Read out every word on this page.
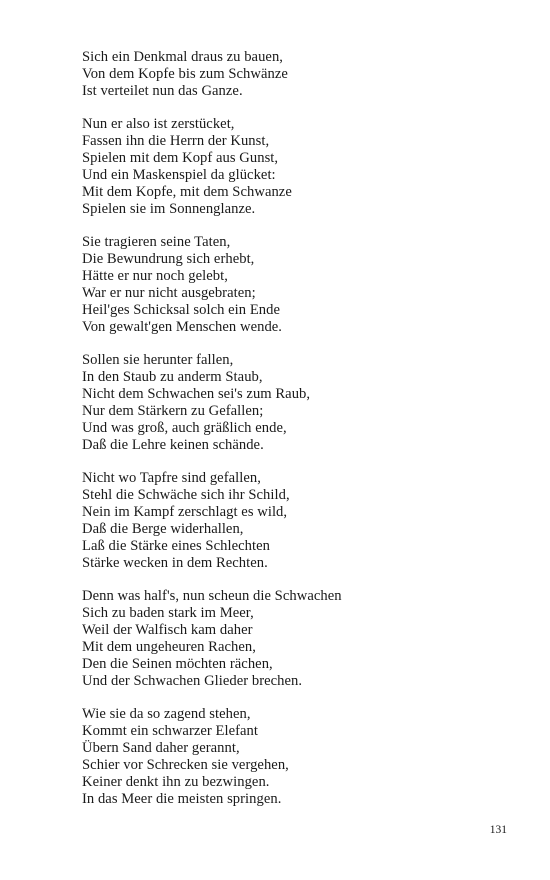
Sich ein Denkmal draus zu bauen,
Von dem Kopfe bis zum Schwänze
Ist verteilet nun das Ganze.
Nun er also ist zerstücket,
Fassen ihn die Herrn der Kunst,
Spielen mit dem Kopf aus Gunst,
Und ein Maskenspiel da glücket:
Mit dem Kopfe, mit dem Schwanze
Spielen sie im Sonnenglanze.
Sie tragieren seine Taten,
Die Bewundrung sich erhebt,
Hätte er nur noch gelebt,
War er nur nicht ausgebraten;
Heil'ges Schicksal solch ein Ende
Von gewalt'gen Menschen wende.
Sollen sie herunter fallen,
In den Staub zu anderm Staub,
Nicht dem Schwachen sei's zum Raub,
Nur dem Stärkern zu Gefallen;
Und was groß, auch gräßlich ende,
Daß die Lehre keinen schände.
Nicht wo Tapfre sind gefallen,
Stehl die Schwäche sich ihr Schild,
Nein im Kampf zerschlagt es wild,
Daß die Berge widerhallen,
Laß die Stärke eines Schlechten
Stärke wecken in dem Rechten.
Denn was half's, nun scheun die Schwachen
Sich zu baden stark im Meer,
Weil der Walfisch kam daher
Mit dem ungeheuren Rachen,
Den die Seinen möchten rächen,
Und der Schwachen Glieder brechen.
Wie sie da so zagend stehen,
Kommt ein schwarzer Elefant
Übern Sand daher gerannt,
Schier vor Schrecken sie vergehen,
Keiner denkt ihn zu bezwingen.
In das Meer die meisten springen.
131
